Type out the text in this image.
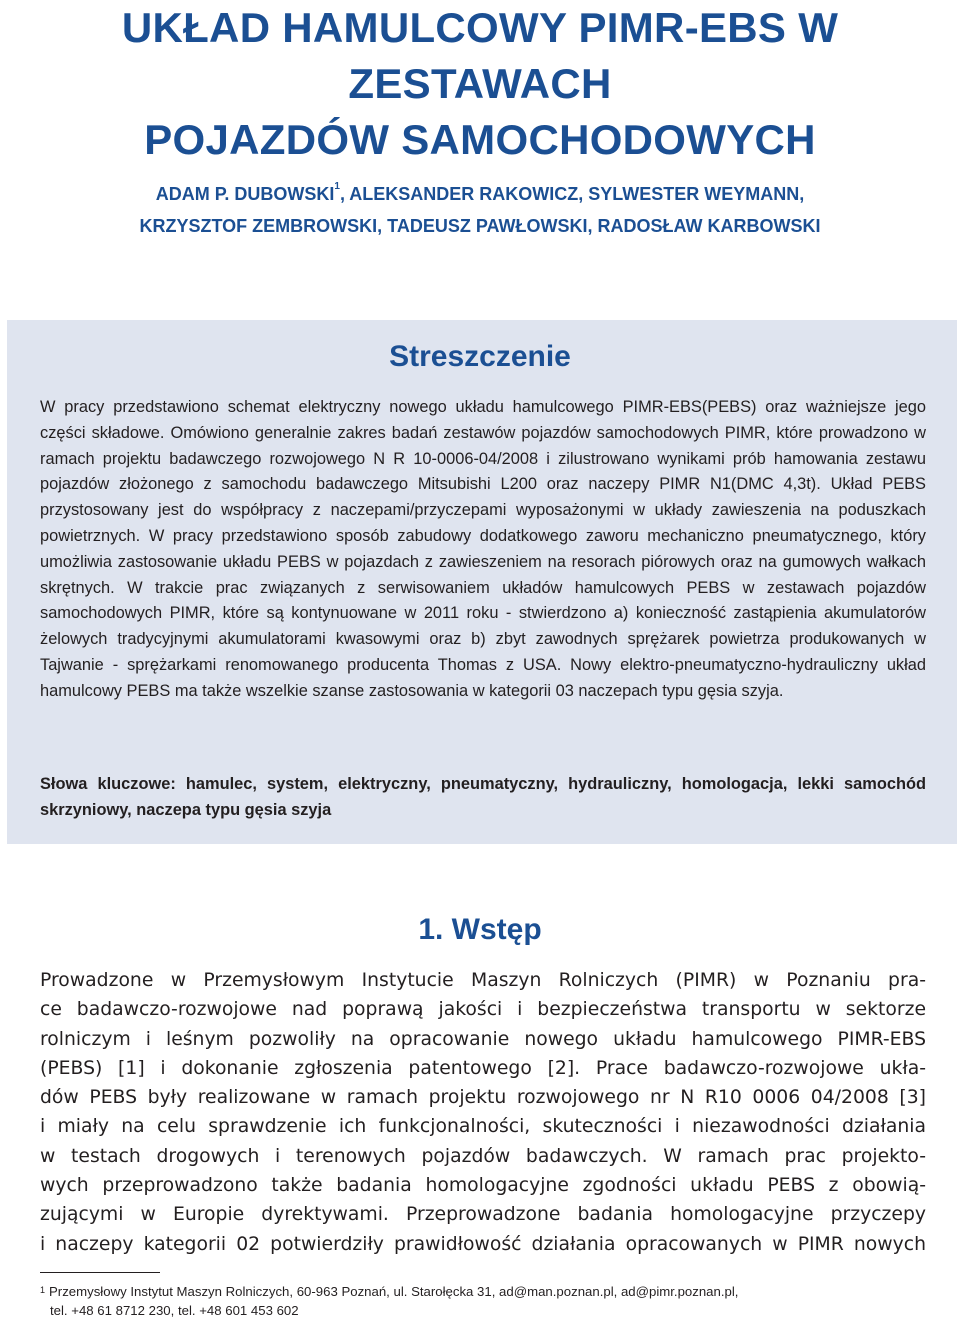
UKŁAD HAMULCOWY PIMR-EBS W ZESTAWACH
POJAZDÓW SAMOCHODOWYCH
ADAM P. DUBOWSKI$^1$, ALEKSANDER RAKOWICZ, SYLWESTER WEYMANN,
KRZYSZTOF ZEMBROWSKI, TADEUSZ PAWŁOWSKI, RADOSŁAW KARBOWSKI
Streszczenie
W pracy przedstawiono schemat elektryczny nowego układu hamulcowego PIMR-EBS(PEBS) oraz ważniejsze jego części składowe. Omówiono generalnie zakres badań zestawów pojazdów samochodowych PIMR, które prowadzono w ramach projektu badawczego rozwojowego N R 10-0006-04/2008 i zilustrowano wynikami prób hamowania zestawu pojazdów złożonego z samochodu badawczego Mitsubishi L200 oraz naczepy PIMR N1(DMC 4,3t). Układ PEBS przystosowany jest do współpracy z naczepami/przyczepami wyposażonymi w układy zawieszenia na poduszkach powietrznych. W pracy przedstawiono sposób zabudowy dodatkowego zaworu mechaniczno pneumatycznego, który umożliwia zastosowanie układu PEBS w pojazdach z zawieszeniem na resorach piórowych oraz na gumowych wałkach skrętnych. W trakcie prac związanych z serwisowaniem układów hamulcowych PEBS w zestawach pojazdów samochodowych PIMR, które są kontynuowane w 2011 roku - stwierdzono a) konieczność zastąpienia akumulatorów żelowych tradycyjnymi akumulatorami kwasowymi oraz b) zbyt zawodnych sprężarek powietrza produkowanych w Tajwanie - sprężarkami renomowanego producenta Thomas z USA. Nowy elektro-pneumatyczno-hydrauliczny układ hamulcowy PEBS ma także wszelkie szanse zastosowania w kategorii 03 naczepach typu gęsia szyja.
Słowa kluczowe: hamulec, system, elektryczny, pneumatyczny, hydrauliczny, homologacja, lekki samochód skrzyniowy, naczepa typu gęsia szyja
1. Wstęp
Prowadzone w Przemysłowym Instytucie Maszyn Rolniczych (PIMR) w Poznaniu pra-
ce badawczo-rozwojowe nad poprawą jakości i bezpieczeństwa transportu w sektorze
rolniczym i leśnym pozwoliły na opracowanie nowego układu hamulcowego PIMR-EBS
(PEBS) [1] i dokonanie zgłoszenia patentowego [2]. Prace badawczo-rozwojowe ukła-
dów PEBS były realizowane w ramach projektu rozwojowego nr N R10 0006 04/2008 [3]
i miały na celu sprawdzenie ich funkcjonalności, skuteczności i niezawodności działania
w testach drogowych i terenowych pojazdów badawczych. W ramach prac projekto-
wych przeprowadzono także badania homologacyjne zgodności układu PEBS z obowią-
zującymi w Europie dyrektywami. Przeprowadzone badania homologacyjne przyczepy
i naczepy kategorii 02 potwierdziły prawidłowość działania opracowanych w PIMR nowych
$^1$ Przemysłowy Instytut Maszyn Rolniczych, 60-963 Poznań, ul. Starołęcka 31, ad@man.poznan.pl, ad@pimr.poznan.pl,
tel. +48 61 8712 230, tel. +48 601 453 602
